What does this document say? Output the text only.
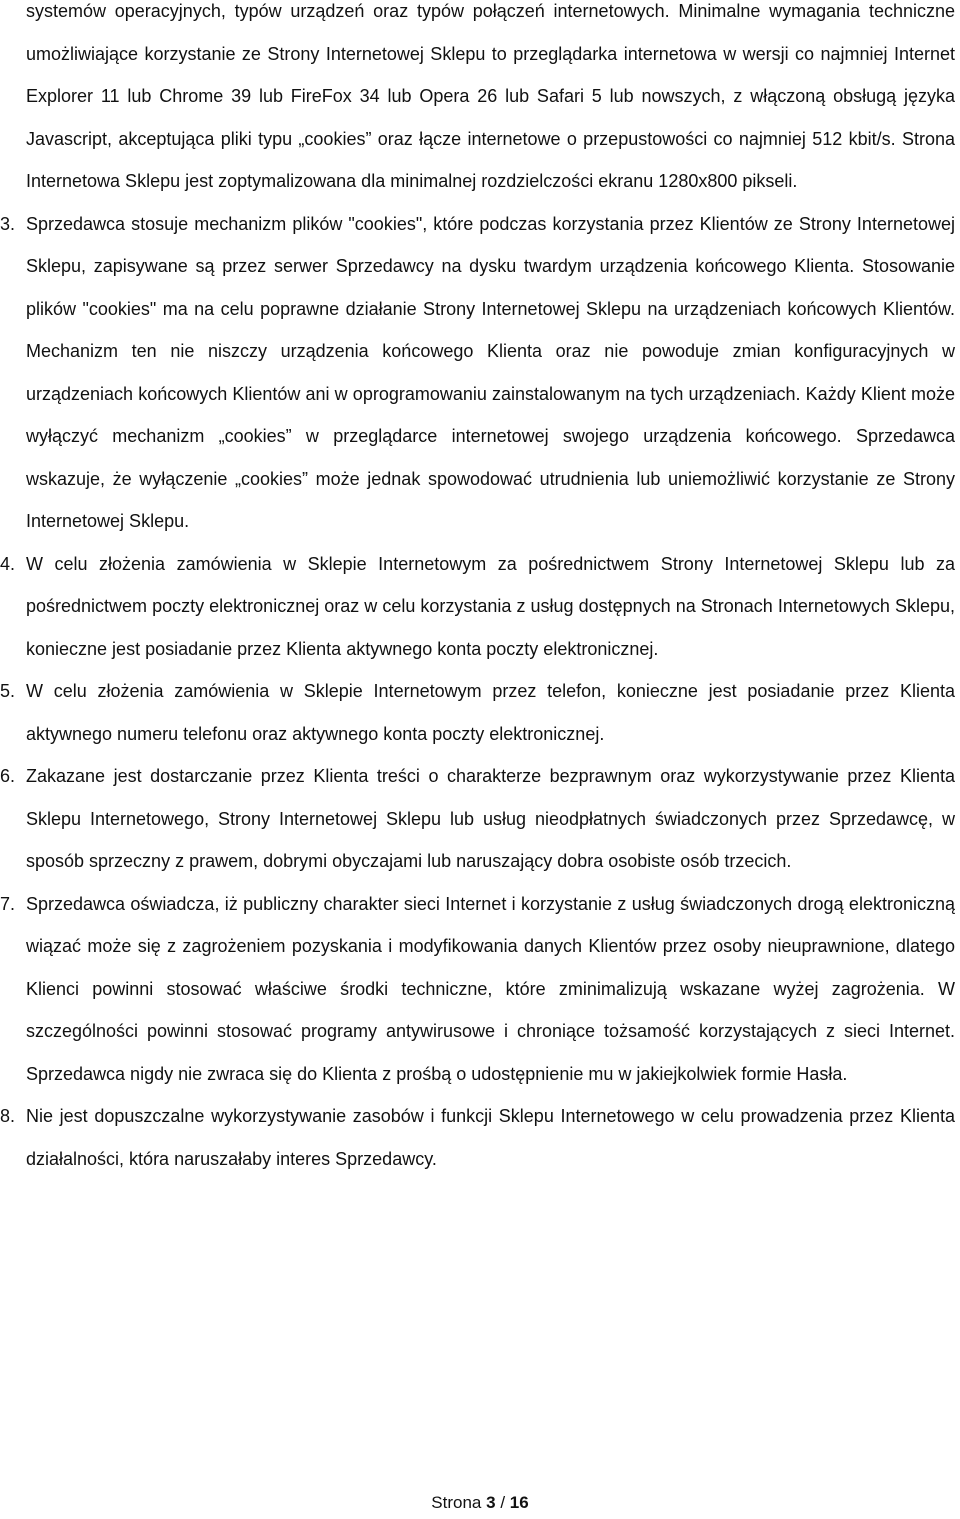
systemów operacyjnych, typów urządzeń oraz typów połączeń internetowych. Minimalne wymagania techniczne umożliwiające korzystanie ze Strony Internetowej Sklepu to przeglądarka internetowa w wersji co najmniej Internet Explorer 11 lub Chrome 39 lub FireFox 34 lub Opera 26 lub Safari 5 lub nowszych, z włączoną obsługą języka Javascript, akceptująca pliki typu „cookies” oraz łącze internetowe o przepustowości co najmniej 512 kbit/s. Strona Internetowa Sklepu jest zoptymalizowana dla minimalnej rozdzielczości ekranu 1280x800 pikseli.

3. Sprzedawca stosuje mechanizm plików "cookies", które podczas korzystania przez Klientów ze Strony Internetowej Sklepu, zapisywane są przez serwer Sprzedawcy na dysku twardym urządzenia końcowego Klienta. Stosowanie plików "cookies" ma na celu poprawne działanie Strony Internetowej Sklepu na urządzeniach końcowych Klientów. Mechanizm ten nie niszczy urządzenia końcowego Klienta oraz nie powoduje zmian konfiguracyjnych w urządzeniach końcowych Klientów ani w oprogramowaniu zainstalowanym na tych urządzeniach. Każdy Klient może wyłączyć mechanizm „cookies” w przeglądarce internetowej swojego urządzenia końcowego. Sprzedawca wskazuje, że wyłączenie „cookies” może jednak spowodować utrudnienia lub uniemożliwić korzystanie ze Strony Internetowej Sklepu.

4. W celu złożenia zamówienia w Sklepie Internetowym za pośrednictwem Strony Internetowej Sklepu lub za pośrednictwem poczty elektronicznej oraz w celu korzystania z usług dostępnych na Stronach Internetowych Sklepu, konieczne jest posiadanie przez Klienta aktywnego konta poczty elektronicznej.

5. W celu złożenia zamówienia w Sklepie Internetowym przez telefon, konieczne jest posiadanie przez Klienta aktywnego numeru telefonu oraz aktywnego konta poczty elektronicznej.

6. Zakazane jest dostarczanie przez Klienta treści o charakterze bezprawnym oraz wykorzystywanie przez Klienta Sklepu Internetowego, Strony Internetowej Sklepu lub usług nieodpłatnych świadczonych przez Sprzedawcę, w sposób sprzeczny z prawem, dobrymi obyczajami lub naruszający dobra osobiste osób trzecich.

7. Sprzedawca oświadcza, iż publiczny charakter sieci Internet i korzystanie z usług świadczonych drogą elektroniczną wiązać może się z zagrożeniem pozyskania i modyfikowania danych Klientów przez osoby nieuprawnione, dlatego Klienci powinni stosować właściwe środki techniczne, które zminimalizują wskazane wyżej zagrożenia. W szczególności powinni stosować programy antywirusowe i chroniące tożsamość korzystających z sieci Internet. Sprzedawca nigdy nie zwraca się do Klienta z prośbą o udostępnienie mu w jakiejkolwiek formie Hasła.

8. Nie jest dopuszczalne wykorzystywanie zasobów i funkcji Sklepu Internetowego w celu prowadzenia przez Klienta działalności, która naruszałaby interes Sprzedawcy.

Strona 3 / 16
